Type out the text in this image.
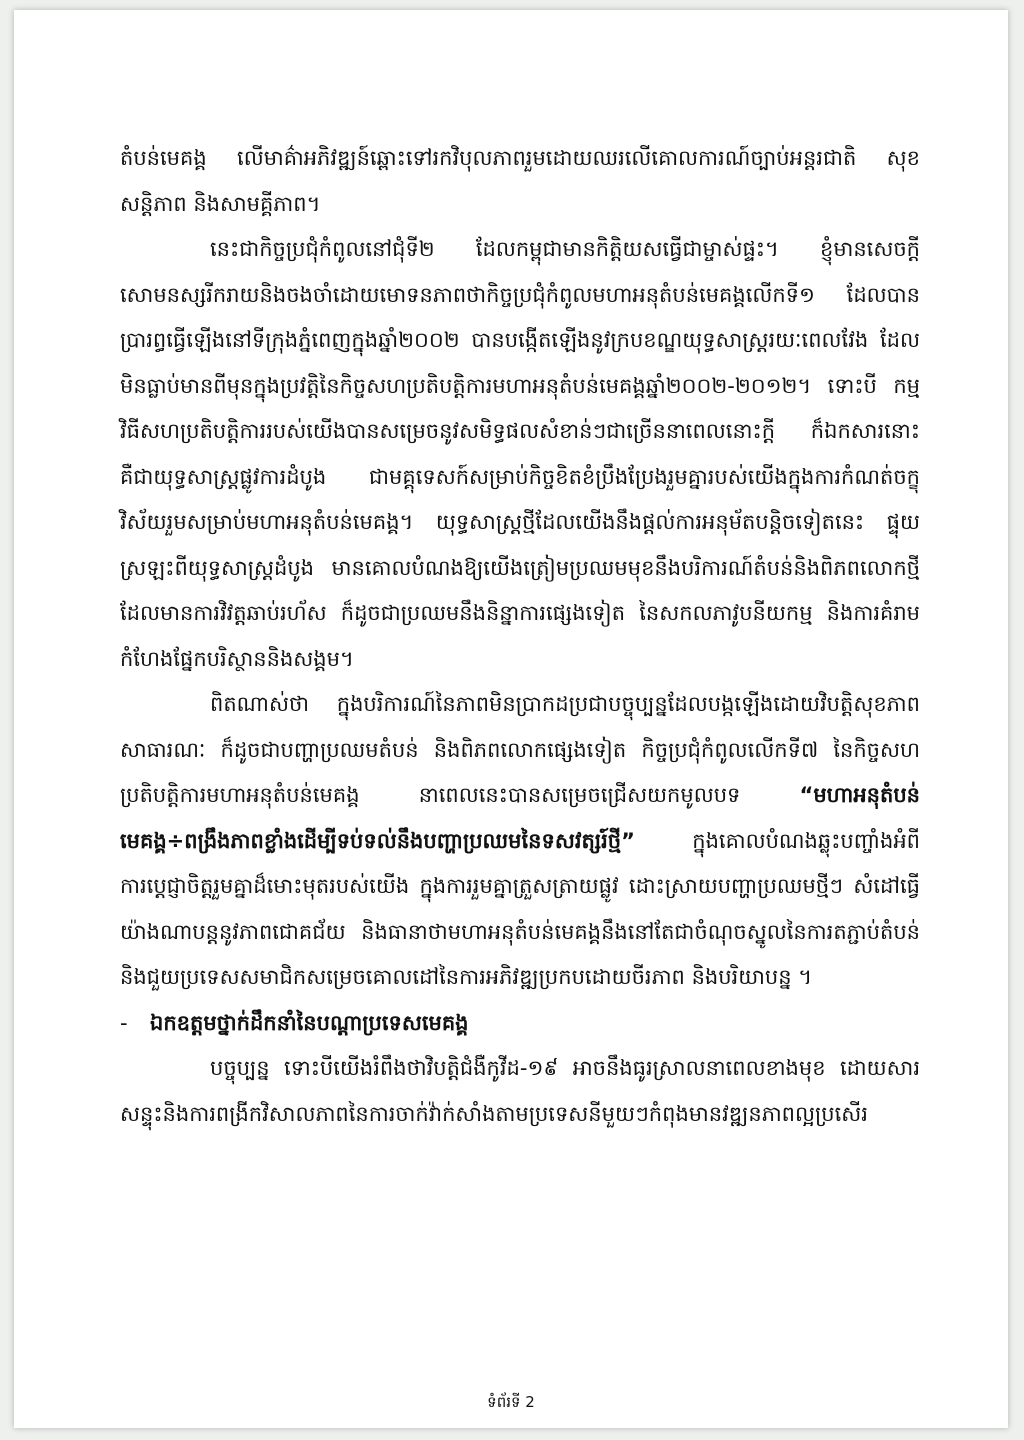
តំបន់មេគង្គ លើមាគ៌ាអភិវឌ្ឍន៍ឆ្ពោះទៅរកវិបុលភាពរួមដោយឈរលើគោលការណ៍ច្បាប់អន្តរជាតិ សុខសន្តិភាព និងសាមគ្គីភាព។

នេះជាកិច្ចប្រជុំកំពូលនៅជុំទី២ ដែលកម្ពុជាមានកិត្តិយសធ្វើជាម្ចាស់ផ្ទះ។ ខ្ញុំមានសេចក្តីសោមនស្សរីករាយនិងចងចាំដោយមោទនភាពថាកិច្ចប្រជុំកំពូលមហាអនុតំបន់មេគង្គលើកទី១ ដែលបានប្រារព្ធធ្វើឡើងនៅទីក្រុងភ្នំពេញក្នុងឆ្នាំ២០០២ បានបង្កើតឡើងនូវក្របខណ្ឌយុទ្ធសាស្ត្ររយៈពេលវែង ដែលមិនធ្លាប់មានពីមុនក្នុងប្រវត្តិនៃកិច្ចសហប្រតិបត្តិការមហាអនុតំបន់មេគង្គឆ្នាំ២០០២-២០១២។ ទោះបី កម្មវិធីសហប្រតិបត្តិការរបស់យើងបានសម្រេចនូវសមិទ្ធផលសំខាន់ៗជាច្រើននាពេលនោះក្តី ក៏ឯកសារនោះគឺជាយុទ្ធសាស្ត្រផ្លូវការដំបូង ជាមគ្គុទេសក៍សម្រាប់កិច្ចខិតខំប្រឹងប្រែងរួមគ្នារបស់យើងក្នុងការកំណត់ចក្ខុវិស័យរួមសម្រាប់មហាអនុតំបន់មេគង្គ។ យុទ្ធសាស្ត្រថ្មីដែលយើងនឹងផ្តល់ការអនុម័តបន្តិចទៀតនេះ ផ្ទុយស្រឡះពីយុទ្ធសាស្ត្រដំបូង មានគោលបំណងឱ្យយើងត្រៀមប្រឈមមុខនឹងបរិការណ៍តំបន់និងពិភពលោកថ្មី ដែលមានការវិវត្តឆាប់រហ័ស ក៏ដូចជាប្រឈមនឹងនិន្នាការផ្សេងទៀត នៃសកលភាវូបនីយកម្ម និងការគំរាមកំហែងផ្នែកបរិស្ថាននិងសង្គម។

ពិតណាស់ថា ក្នុងបរិការណ៍នៃភាពមិនប្រាកដប្រជាបច្ចុប្បន្នដែលបង្កឡើងដោយវិបត្តិសុខភាពសាធារណៈ ក៏ដូចជាបញ្ហាប្រឈមតំបន់ និងពិភពលោកផ្សេងទៀត កិច្ចប្រជុំកំពូលលើកទី៧ នៃកិច្ចសហប្រតិបត្តិការមហាអនុតំបន់មេគង្គ នាពេលនេះបានសម្រេចជ្រើសយកមូលបទ “មហាអនុតំបន់មេគង្គ÷ពង្រឹងភាពខ្លាំងដើម្បីទប់ទល់នឹងបញ្ហាប្រឈមនៃទសវត្សរ៍ថ្មី” ក្នុងគោលបំណងឆ្លុះបញ្ចាំងអំពីការប្តេជ្ញាចិត្តរួមគ្នាដ៏មោះមុតរបស់យើង ក្នុងការរួមគ្នាត្រួសត្រាយផ្លូវ ដោះស្រាយបញ្ហាប្រឈមថ្មីៗ សំដៅធ្វើយ៉ាងណាបន្តនូវភាពជោគជ័យ និងធានាថាមហាអនុតំបន់មេគង្គនឹងនៅតែជាចំណុចស្នូលនៃការតភ្ជាប់តំបន់ និងជួយប្រទេសសមាជិកសម្រេចគោលដៅនៃការអភិវឌ្ឍប្រកបដោយចីរភាព និងបរិយាបន្ន ។

-	ឯកឧត្តមថ្នាក់ដឹកនាំនៃបណ្តាប្រទេសមេគង្គ

បច្ចុប្បន្ន ទោះបីយើងរំពឹងថាវិបត្តិជំងឺកូវីដ-១៩ អាចនឹងធូរស្រាលនាពេលខាងមុខ ដោយសារសន្ទុះនិងការពង្រីកវិសាលភាពនៃការចាក់វ៉ាក់សាំងតាមប្រទេសនីមួយៗកំពុងមានវឌ្ឍនភាពល្អប្រសើរ

ទំព័រទី 2
